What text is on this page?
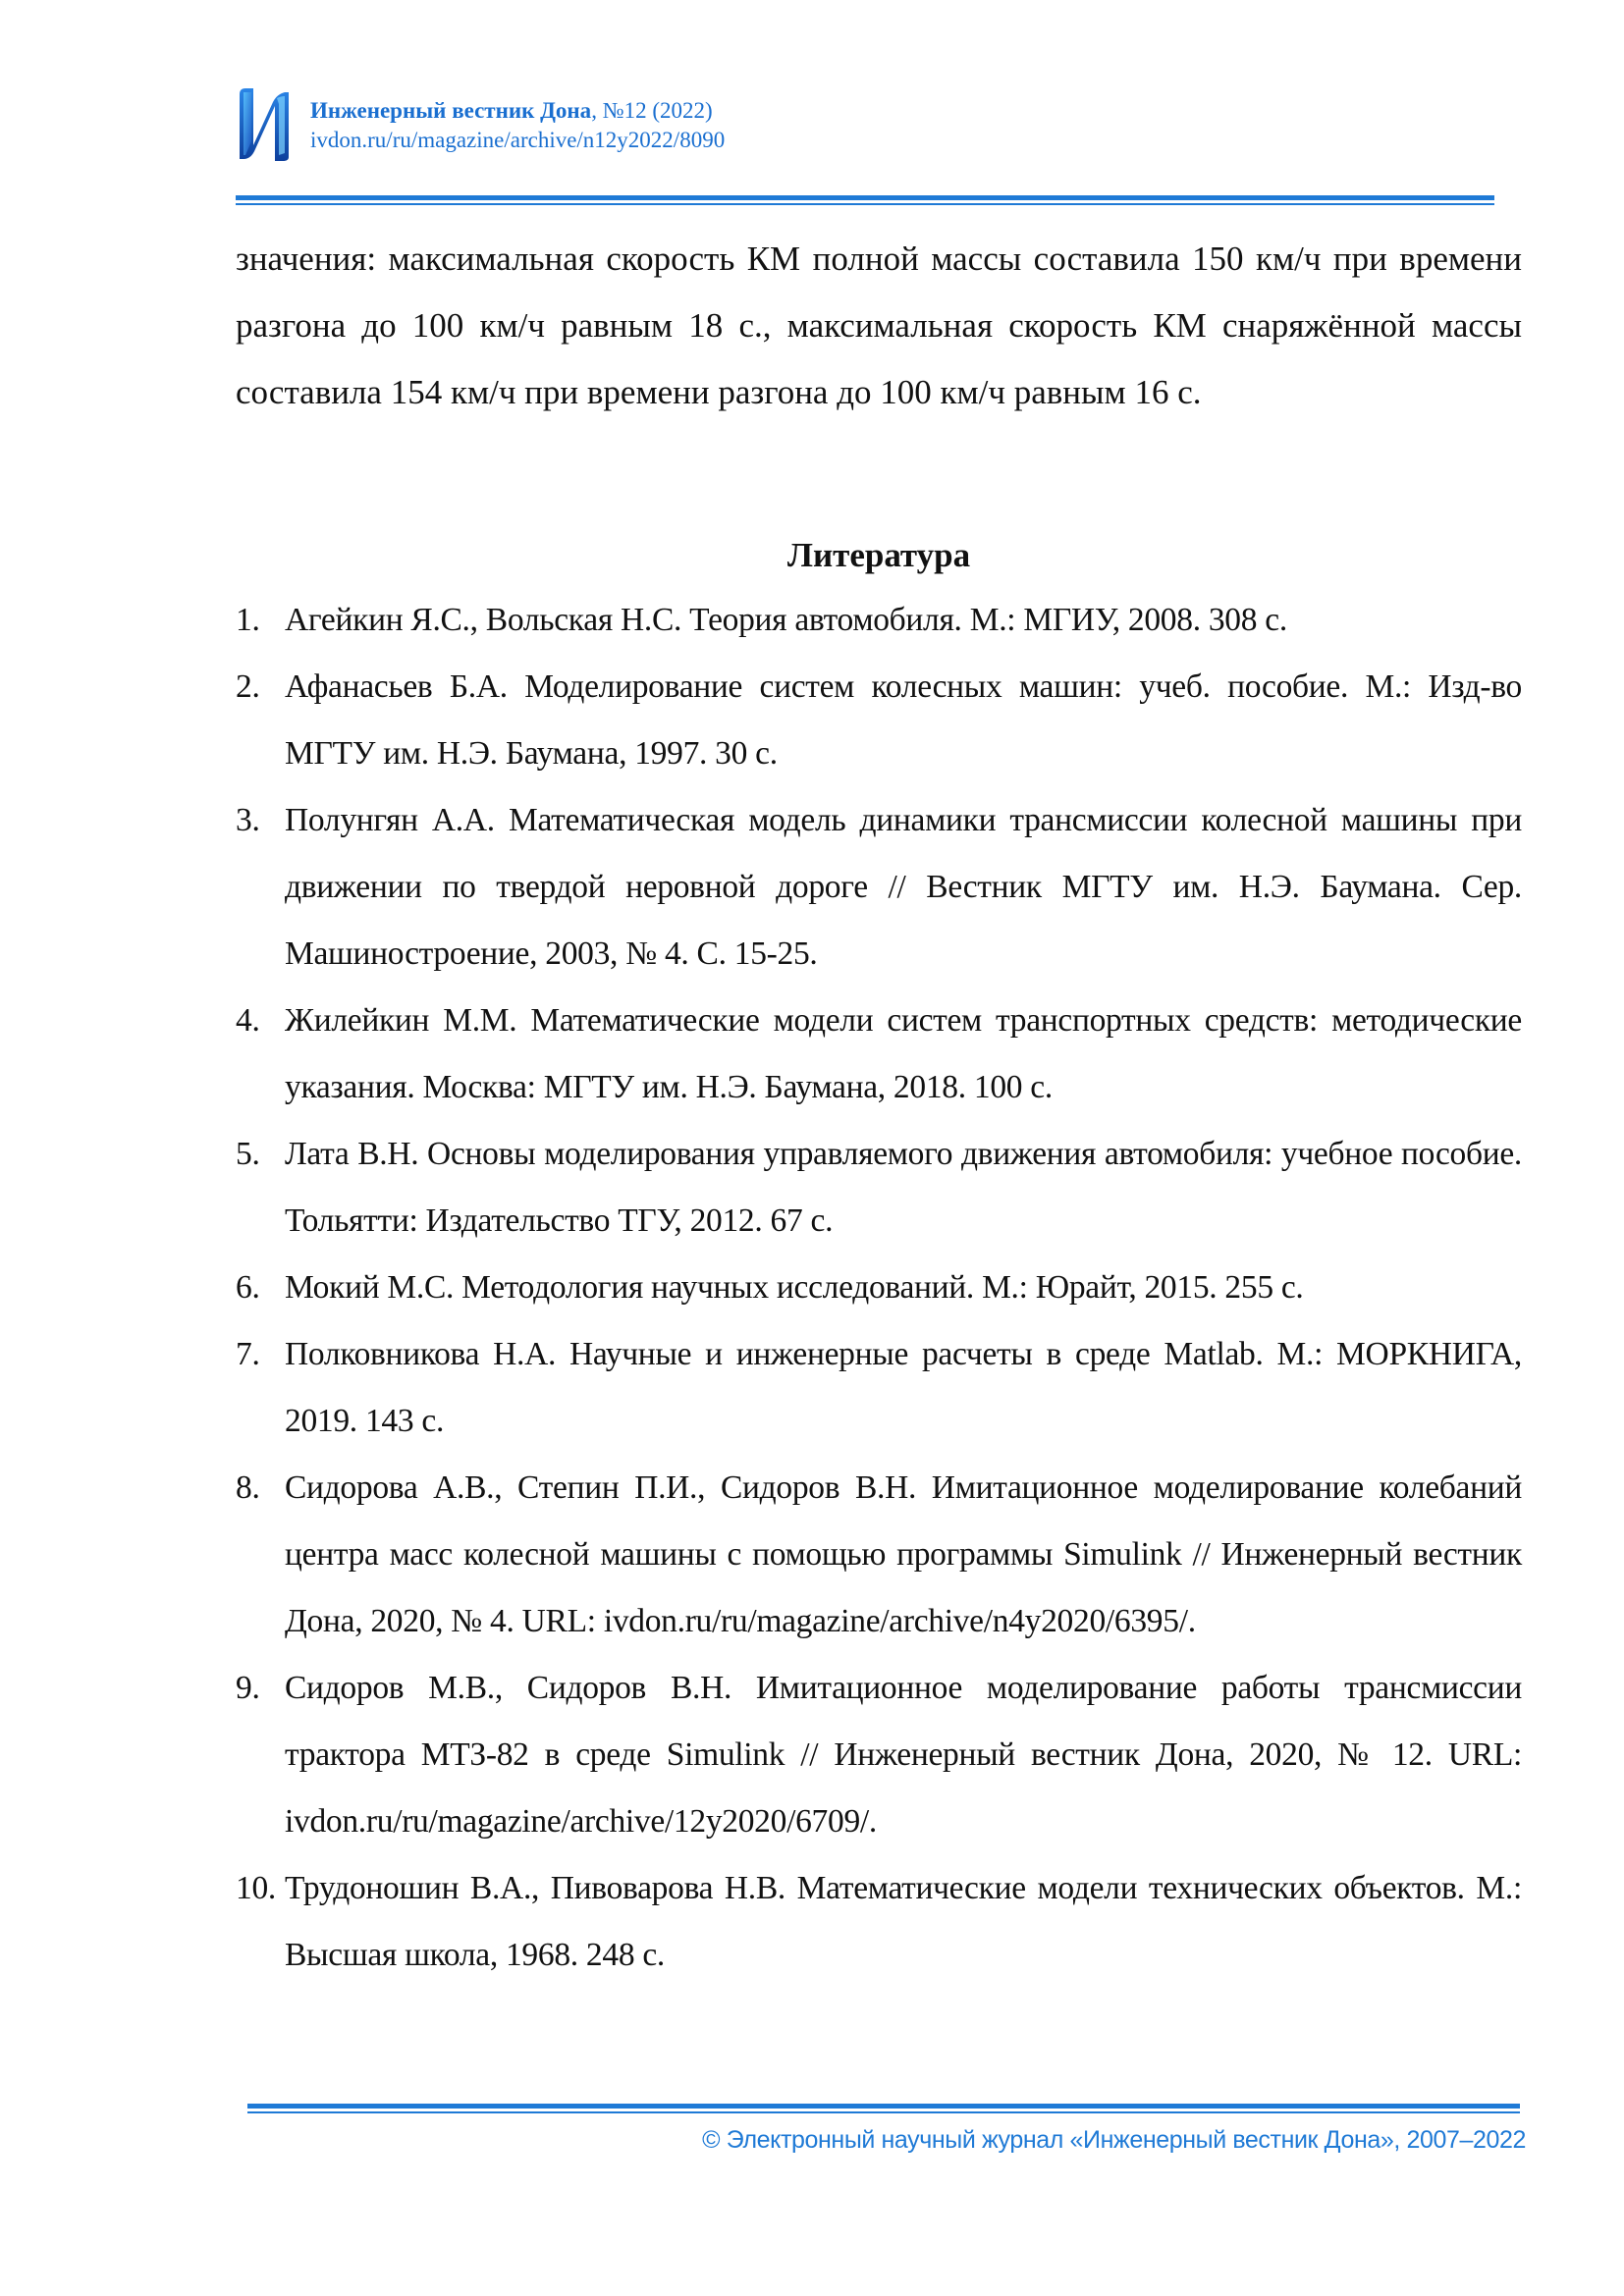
Инженерный вестник Дона, №12 (2022)
ivdon.ru/ru/magazine/archive/n12y2022/8090

значения: максимальная скорость КМ полной массы составила 150 км/ч при времени разгона до 100 км/ч равным 18 с., максимальная скорость КМ снаряжённой массы составила 154 км/ч при времени разгона до 100 км/ч равным 16 с.

Литература
1. Агейкин Я.С., Вольская Н.С. Теория автомобиля. М.: МГИУ, 2008. 308 с.
2. Афанасьев Б.А. Моделирование систем колесных машин: учеб. пособие. М.: Изд-во МГТУ им. Н.Э. Баумана, 1997. 30 с.
3. Полунгян А.А. Математическая модель динамики трансмиссии колесной машины при движении по твердой неровной дороге // Вестник МГТУ им. Н.Э. Баумана. Сер. Машиностроение, 2003, № 4. С. 15-25.
4. Жилейкин М.М. Математические модели систем транспортных средств: методические указания. Москва: МГТУ им. Н.Э. Баумана, 2018. 100 с.
5. Лата В.Н. Основы моделирования управляемого движения автомобиля: учебное пособие. Тольятти: Издательство ТГУ, 2012. 67 с.
6. Мокий М.С. Методология научных исследований. М.: Юрайт, 2015. 255 с.
7. Полковникова Н.А. Научные и инженерные расчеты в среде Matlab. М.: МОРКНИГА, 2019. 143 с.
8. Сидорова А.В., Степин П.И., Сидоров В.Н. Имитационное моделирование колебаний центра масс колесной машины с помощью программы Simulink // Инженерный вестник Дона, 2020, № 4. URL: ivdon.ru/ru/magazine/archive/n4y2020/6395/.
9. Сидоров М.В., Сидоров В.Н. Имитационное моделирование работы трансмиссии трактора МТЗ-82 в среде Simulink // Инженерный вестник Дона, 2020, № 12. URL: ivdon.ru/ru/magazine/archive/12y2020/6709/.
10. Трудоношин В.А., Пивоварова Н.В. Математические модели технических объектов. М.: Высшая школа, 1968. 248 с.
© Электронный научный журнал «Инженерный вестник Дона», 2007–2022
